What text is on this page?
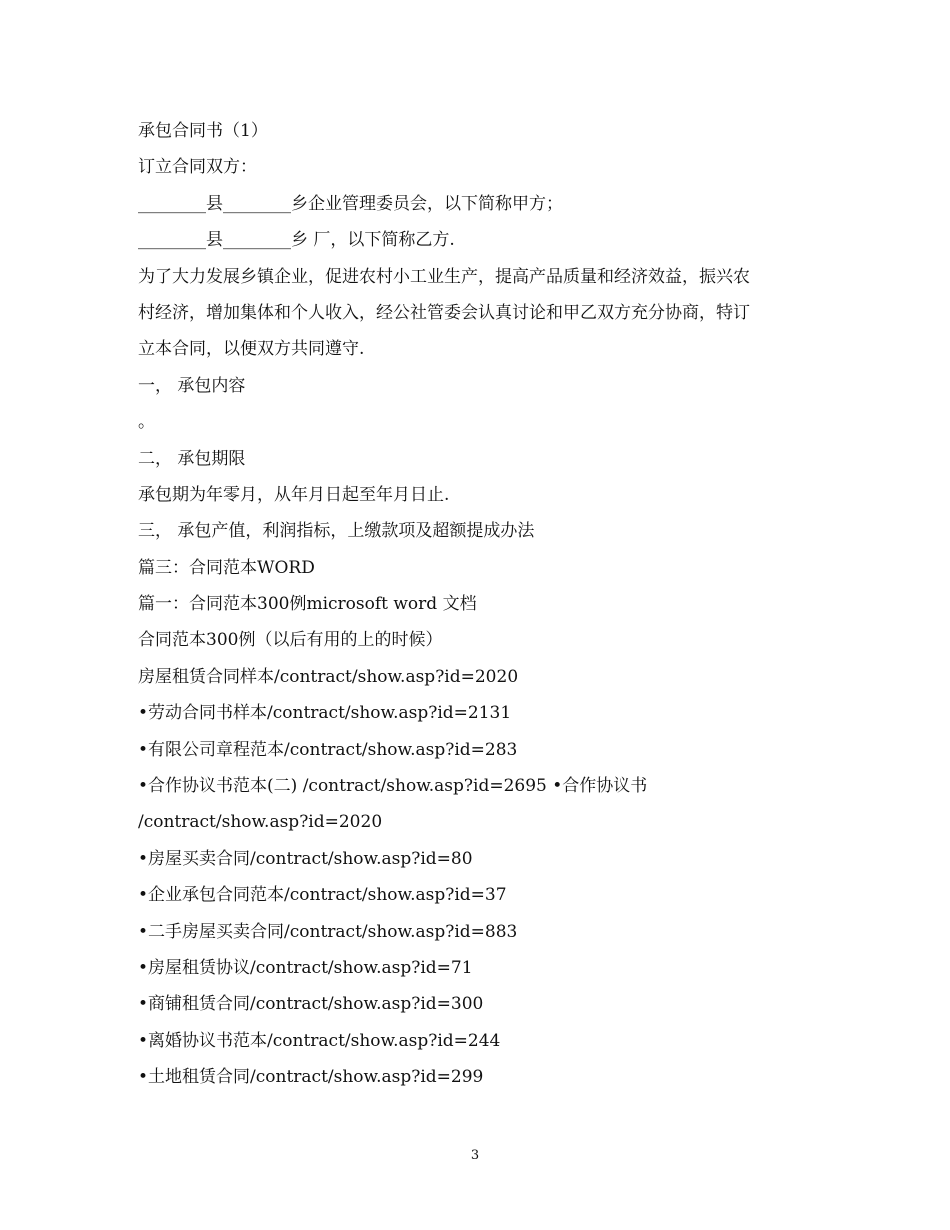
承包合同书（1）
订立合同双方：
________县________乡企业管理委员会，以下简称甲方；
________县________乡 厂，以下简称乙方.
为了大力发展乡镇企业，促进农村小工业生产，提高产品质量和经济效益，振兴农
村经济，增加集体和个人收入，经公社管委会认真讨论和甲乙双方充分协商，特订
立本合同，以便双方共同遵守.
一， 承包内容
。
二， 承包期限
承包期为年零月，从年月日起至年月日止.
三， 承包产值，利润指标，上缴款项及超额提成办法
篇三：合同范本WORD
篇一：合同范本300例microsoft word 文档
合同范本300例（以后有用的上的时候）
房屋租赁合同样本/contract/show.asp?id=2020
•劳动合同书样本/contract/show.asp?id=2131
•有限公司章程范本/contract/show.asp?id=283
•合作协议书范本(二) /contract/show.asp?id=2695 •合作协议书
/contract/show.asp?id=2020
•房屋买卖合同/contract/show.asp?id=80
•企业承包合同范本/contract/show.asp?id=37
•二手房屋买卖合同/contract/show.asp?id=883
•房屋租赁协议/contract/show.asp?id=71
•商铺租赁合同/contract/show.asp?id=300
•离婚协议书范本/contract/show.asp?id=244
•土地租赁合同/contract/show.asp?id=299
3
